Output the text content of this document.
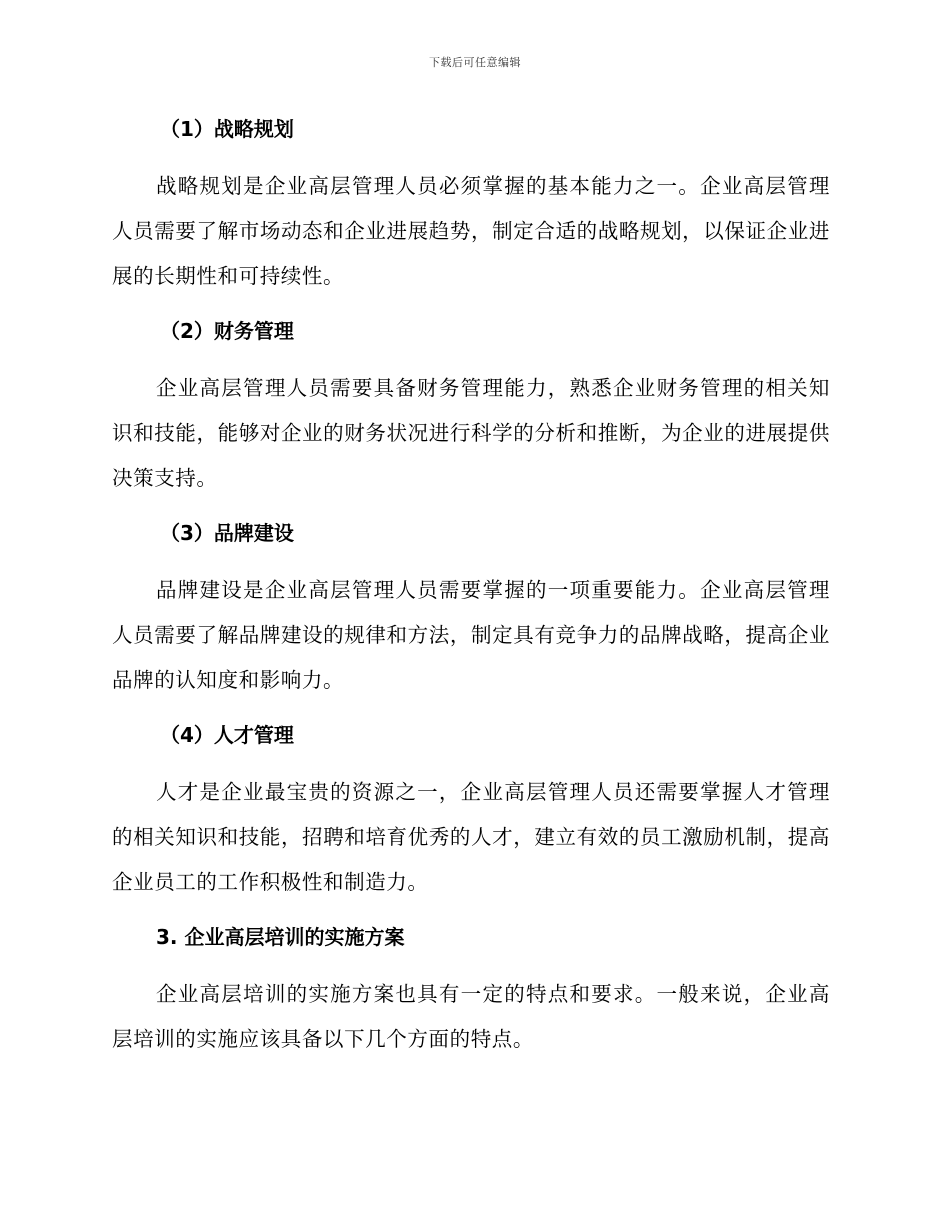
下载后可任意编辑
（1）战略规划

战略规划是企业高层管理人员必须掌握的基本能力之一。企业高层管理人员需要了解市场动态和企业进展趋势，制定合适的战略规划，以保证企业进展的长期性和可持续性。

（2）财务管理

企业高层管理人员需要具备财务管理能力，熟悉企业财务管理的相关知识和技能，能够对企业的财务状况进行科学的分析和推断，为企业的进展提供决策支持。

（3）品牌建设

品牌建设是企业高层管理人员需要掌握的一项重要能力。企业高层管理人员需要了解品牌建设的规律和方法，制定具有竞争力的品牌战略，提高企业品牌的认知度和影响力。

（4）人才管理

人才是企业最宝贵的资源之一，企业高层管理人员还需要掌握人才管理的相关知识和技能，招聘和培育优秀的人才，建立有效的员工激励机制，提高企业员工的工作积极性和制造力。

3. 企业高层培训的实施方案

企业高层培训的实施方案也具有一定的特点和要求。一般来说，企业高层培训的实施应该具备以下几个方面的特点。
